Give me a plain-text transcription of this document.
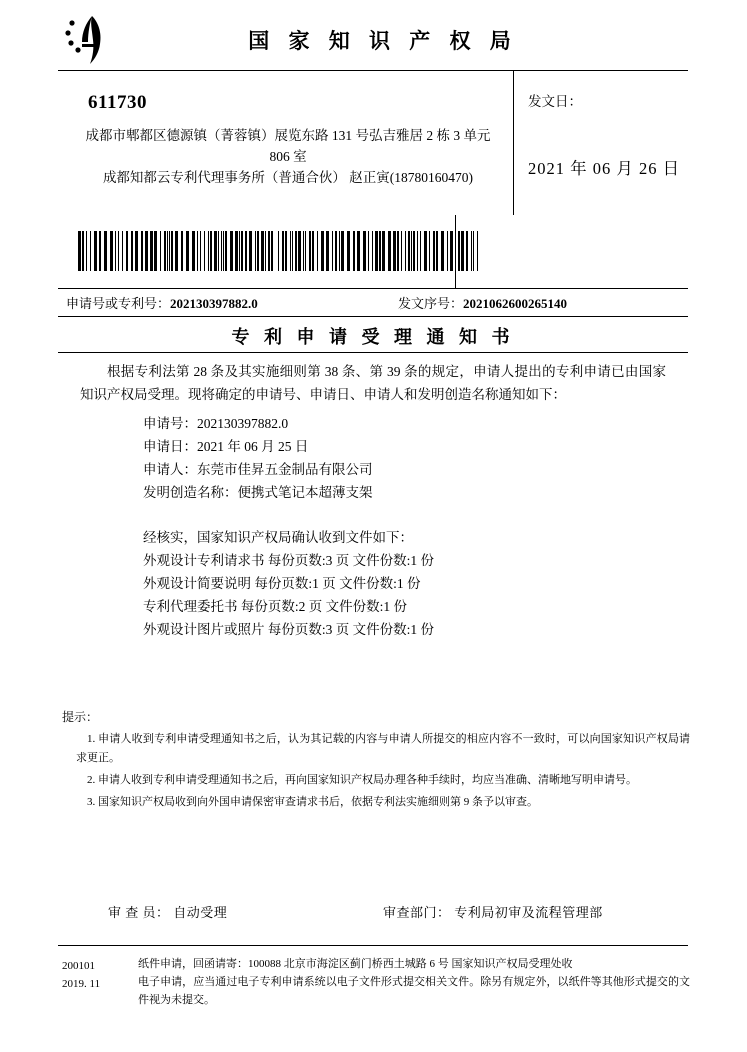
国 家 知 识 产 权 局
611730
成都市郫都区德源镇（菁蓉镇）展览东路 131 号弘吉雅居 2 栋 3 单元
806 室
成都知都云专利代理事务所（普通合伙） 赵正寅(18780160470)
发文日：
2021 年 06 月 26 日
申请号或专利号：202130397882.0	发文序号：2021062600265140
专 利 申 请 受 理 通 知 书
根据专利法第 28 条及其实施细则第 38 条、第 39 条的规定，申请人提出的专利申请已由国家知识产权局受理。现将确定的申请号、申请日、申请人和发明创造名称通知如下：
申请号：202130397882.0
申请日：2021 年 06 月 25 日
申请人：东莞市佳昇五金制品有限公司
发明创造名称：便携式笔记本超薄支架
经核实，国家知识产权局确认收到文件如下：
外观设计专利请求书 每份页数:3 页 文件份数:1 份
外观设计简要说明 每份页数:1 页 文件份数:1 份
专利代理委托书 每份页数:2 页 文件份数:1 份
外观设计图片或照片 每份页数:3 页 文件份数:1 份
提示：
1. 申请人收到专利申请受理通知书之后，认为其记载的内容与申请人所提交的相应内容不一致时，可以向国家知识产权局请求更正。
2. 申请人收到专利申请受理通知书之后，再向国家知识产权局办理各种手续时，均应当准确、清晰地写明申请号。
3. 国家知识产权局收到向外国申请保密审查请求书后，依据专利法实施细则第 9 条予以审查。
审 查 员： 自动受理	审查部门： 专利局初审及流程管理部
200101
2019. 11
纸件申请，回函请寄：100088 北京市海淀区蓟门桥西土城路 6 号 国家知识产权局受理处收
电子申请，应当通过电子专利申请系统以电子文件形式提交相关文件。除另有规定外，以纸件等其他形式提交的文件视为未提交。
